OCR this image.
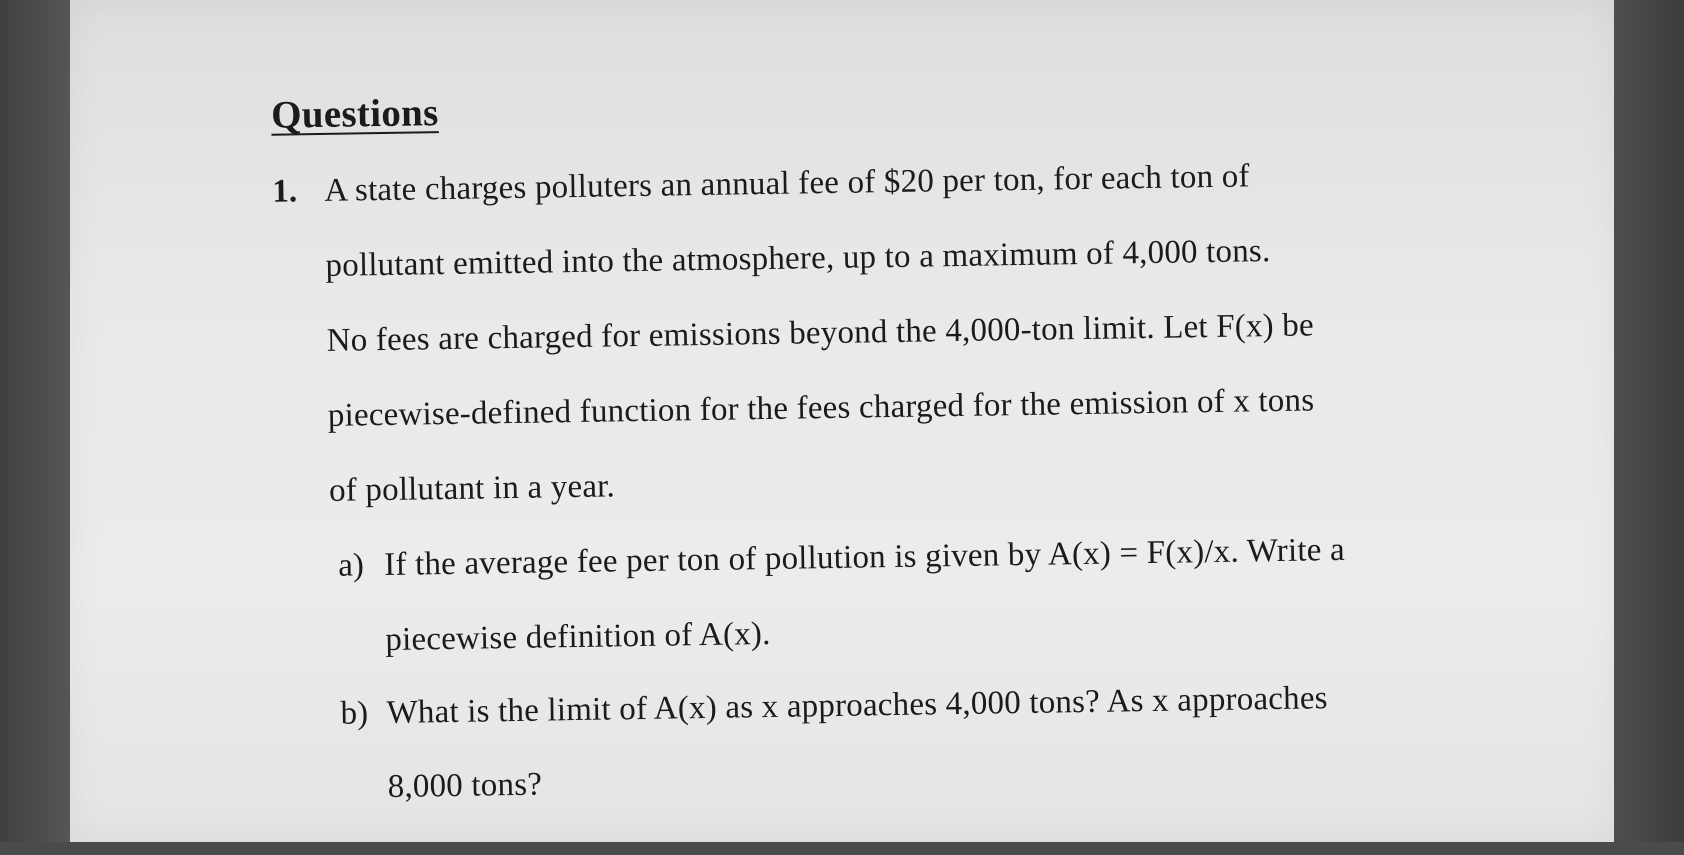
Questions
1. A state charges polluters an annual fee of $20 per ton, for each ton of
pollutant emitted into the atmosphere, up to a maximum of 4,000 tons.
No fees are charged for emissions beyond the 4,000-ton limit. Let F(x) be
piecewise-defined function for the fees charged for the emission of x tons
of pollutant in a year.
a) If the average fee per ton of pollution is given by A(x) = F(x)/x. Write a
piecewise definition of A(x).
b) What is the limit of A(x) as x approaches 4,000 tons? As x approaches
8,000 tons?
